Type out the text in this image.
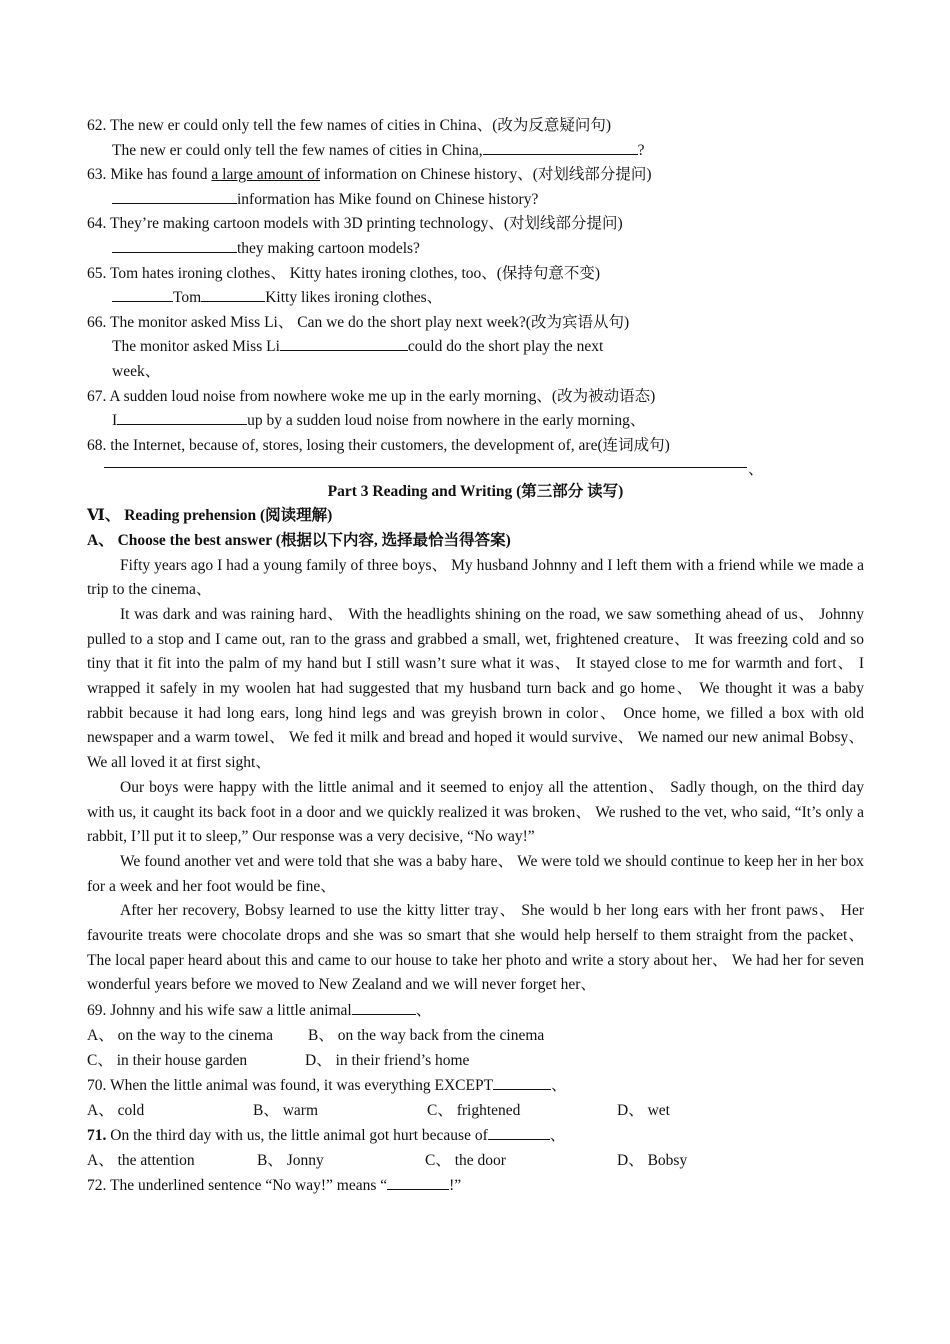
62. The new er could only tell the few names of cities in China、(改为反意疑问句)
The new er could only tell the few names of cities in China,	?
63. Mike has found a large amount of information on Chinese history、(对划线部分提问)
information has Mike found on Chinese history?
64. They’re making cartoon models with 3D printing technology、(对划线部分提问)
they making cartoon models?
65. Tom hates ironing clothes、 Kitty hates ironing clothes, too、(保持句意不变)
Tom	Kitty likes ironing clothes、
66. The monitor asked Miss Li、 Can we do the short play next week?(改为宾语从句)
The monitor asked Miss Li	could do the short play the next
week、
67. A sudden loud noise from nowhere woke me up in the early morning、(改为被动语态)
I	up by a sudden loud noise from nowhere in the early morning、
68. the Internet, because of, stores, losing their customers, the development of, are(连词成句)
、
Part 3 Reading and Writing (第三部分 读写)
Ⅵ、 Reading prehension (阅读理解)
A、 Choose the best answer (根据以下内容, 选择最恰当得答案)

Fifty years ago I had a young family of three boys、 My husband Johnny and I left them with a friend while we made a trip to the cinema、

It was dark and was raining hard、 With the headlights shining on the road, we saw something ahead of us、 Johnny pulled to a stop and I came out, ran to the grass and grabbed a small, wet, frightened creature、 It was freezing cold and so tiny that it fit into the palm of my hand but I still wasn’t sure what it was、 It stayed close to me for warmth and fort、 I wrapped it safely in my woolen hat had suggested that my husband turn back and go home、 We thought it was a baby rabbit because it had long ears, long hind legs and was greyish brown in color、 Once home, we filled a box with old newspaper and a warm towel、 We fed it milk and bread and hoped it would survive、 We named our new animal Bobsy、 We all loved it at first sight、

Our boys were happy with the little animal and it seemed to enjoy all the attention、 Sadly though, on the third day with us, it caught its back foot in a door and we quickly realized it was broken、 We rushed to the vet, who said, “It’s only a rabbit, I’ll put it to sleep,” Our response was a very decisive, “No way!”

We found another vet and were told that she was a baby hare、 We were told we should continue to keep her in her box for a week and her foot would be fine、

After her recovery, Bobsy learned to use the kitty litter tray、 She would b her long ears with her front paws、 Her favourite treats were chocolate drops and she was so smart that she would help herself to them straight from the packet、 The local paper heard about this and came to our house to take her photo and write a story about her、 We had her for seven wonderful years before we moved to New Zealand and we will never forget her、

69. Johnny and his wife saw a little animal	、
A、 on the way to the cinema	B、 on the way back from the cinema
C、 in their house garden	D、 in their friend’s home
70. When the little animal was found, it was everything EXCEPT	、
A、 cold	B、 warm	C、 frightened	D、 wet
71. On the third day with us, the little animal got hurt because of	、
A、 the attention	B、 Jonny	C、 the door	D、 Bobsy
72. The underlined sentence “No way!” means “	!”
